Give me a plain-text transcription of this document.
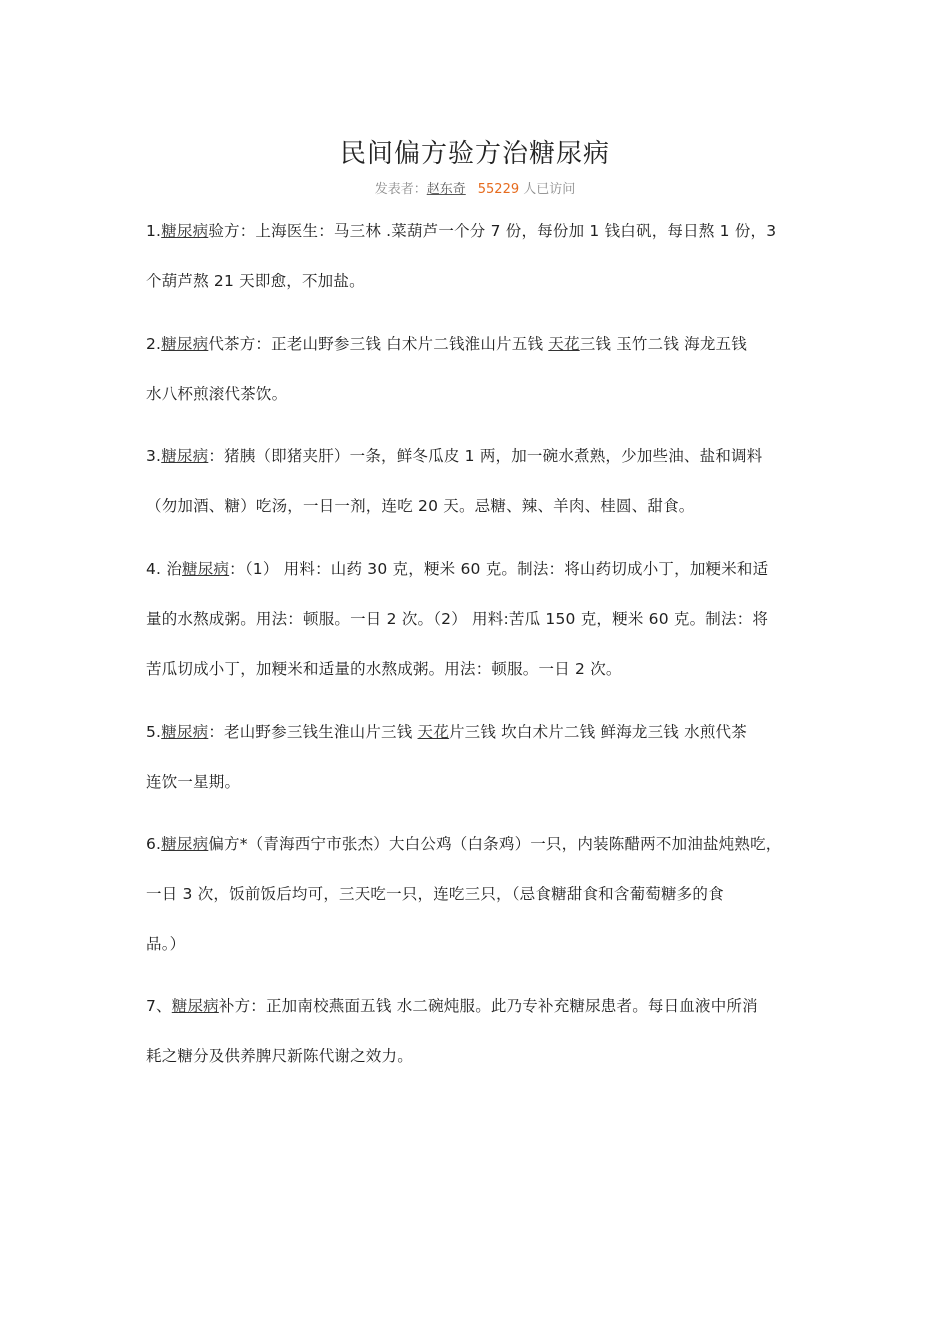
民间偏方验方治糖尿病
发表者：赵东奇 55229 人已访问
1.糖尿病验方：上海医生：马三林 .菜葫芦一个分 7 份，每份加 1 钱白矾，每日熬 1 份，3
个葫芦熬 21 天即愈，不加盐。
2.糖尿病代茶方：正老山野参三钱 白术片二钱淮山片五钱 天花三钱 玉竹二钱 海龙五钱
水八杯煎滚代茶饮。
3.糖尿病：猪胰（即猪夹肝）一条，鲜冬瓜皮 1 两，加一碗水煮熟，少加些油、盐和调料
（勿加酒、糖）吃汤，一日一剂，连吃 20 天。忌糖、辣、羊肉、桂圆、甜食。
4. 治糖尿病：（1） 用料：山药 30 克，粳米 60 克。制法：将山药切成小丁，加粳米和适
量的水熬成粥。用法：顿服。一日 2 次。（2） 用料:苦瓜 150 克，粳米 60 克。制法：将
苦瓜切成小丁，加粳米和适量的水熬成粥。用法：顿服。一日 2 次。
5.糖尿病：老山野参三钱生淮山片三钱 天花片三钱 坎白术片二钱 鲜海龙三钱 水煎代茶
连饮一星期。
6.糖尿病偏方*（青海西宁市张杰）大白公鸡（白条鸡）一只，内装陈醋两不加油盐炖熟吃，
一日 3 次，饭前饭后均可，三天吃一只，连吃三只，（忌食糖甜食和含葡萄糖多的食
品。）
7、糖尿病补方：正加南校燕面五钱 水二碗炖服。此乃专补充糖尿患者。每日血液中所消
耗之糖分及供养脾尺新陈代谢之效力。
